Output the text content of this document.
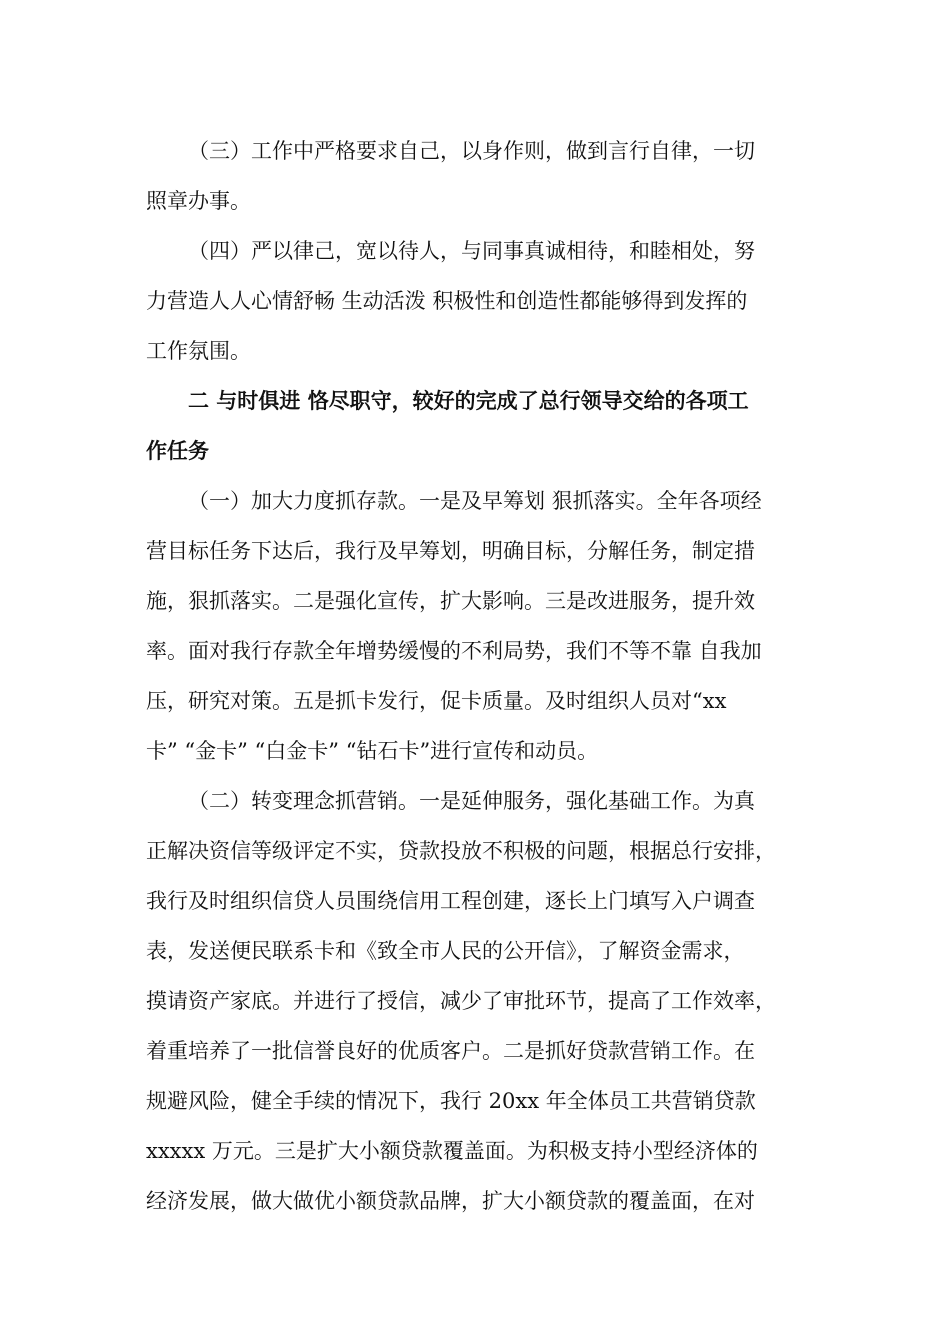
（三）工作中严格要求自己，以身作则，做到言行自律，一切

照章办事。

（四）严以律己，宽以待人，与同事真诚相待，和睦相处，努

力营造人人心情舒畅 生动活泼 积极性和创造性都能够得到发挥的

工作氛围。

二 与时俱进 恪尽职守，较好的完成了总行领导交给的各项工

作任务

（一）加大力度抓存款。一是及早筹划 狠抓落实。全年各项经

营目标任务下达后，我行及早筹划，明确目标，分解任务，制定措

施，狠抓落实。二是强化宣传，扩大影响。三是改进服务，提升效

率。面对我行存款全年增势缓慢的不利局势，我们不等不靠 自我加

压，研究对策。五是抓卡发行，促卡质量。及时组织人员对“xx

卡” “金卡” “白金卡” “钻石卡”进行宣传和动员。

（二）转变理念抓营销。一是延伸服务，强化基础工作。为真

正解决资信等级评定不实，贷款投放不积极的问题，根据总行安排，

我行及时组织信贷人员围绕信用工程创建，逐长上门填写入户调查

表，发送便民联系卡和《致全市人民的公开信》，了解资金需求，

摸请资产家底。并进行了授信，减少了审批环节，提高了工作效率，

着重培养了一批信誉良好的优质客户。二是抓好贷款营销工作。在

规避风险，健全手续的情况下，我行 20xx 年全体员工共营销贷款

xxxxx 万元。三是扩大小额贷款覆盖面。为积极支持小型经济体的

经济发展，做大做优小额贷款品牌，扩大小额贷款的覆盖面，在对
